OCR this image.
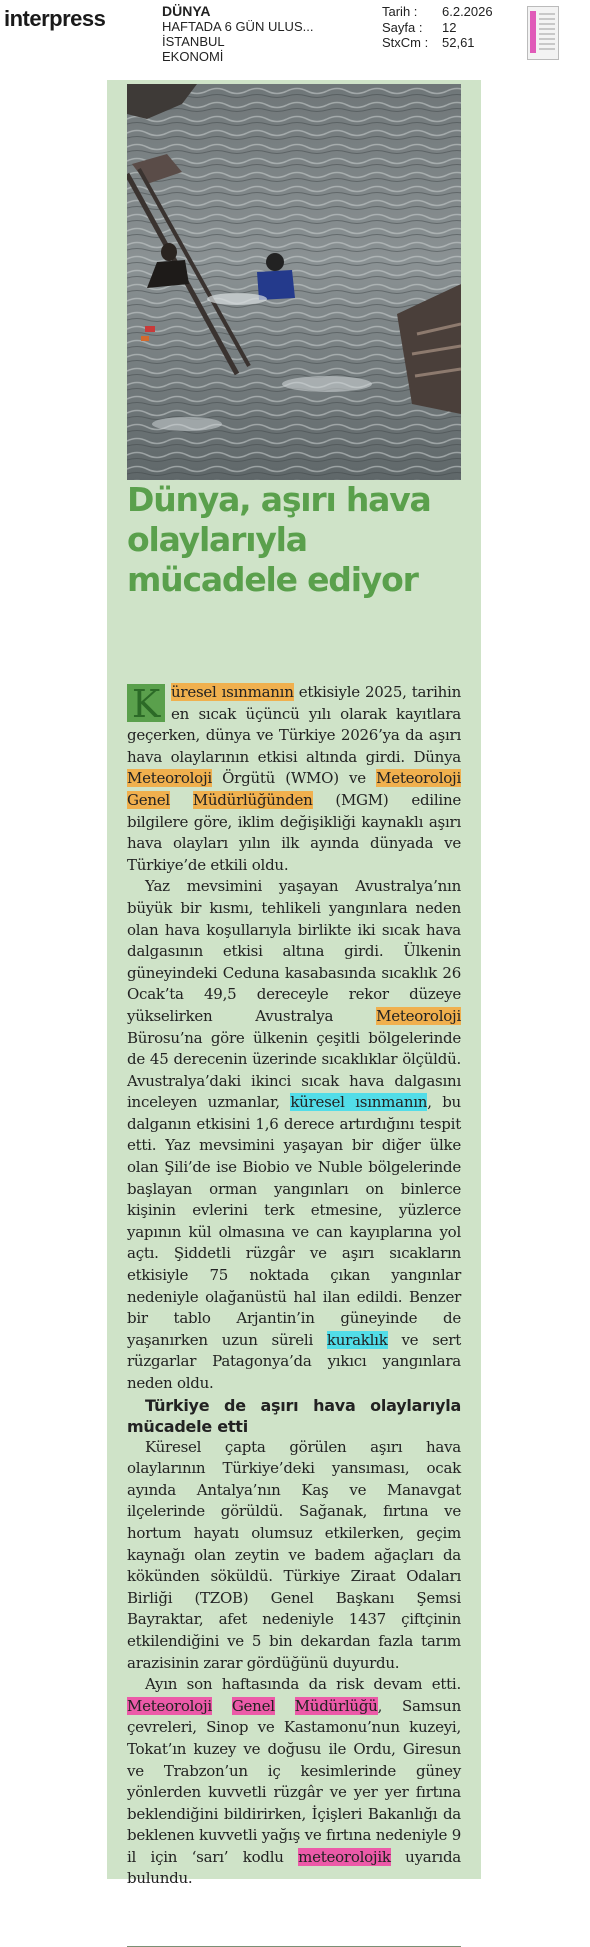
interpress	DÜNYA
HAFTADA 6 GÜN ULUS...
İSTANBUL
EKONOMİ
Tarih : 6.2.2026
Sayfa : 12
StxCm : 52,61
Dünya, aşırı hava olaylarıyla mücadele ediyor

K üresel ısınmanın etkisiyle 2025, tarihin en sıcak üçüncü yılı olarak kayıtlara geçerken, dünya ve Türkiye 2026’ya da aşırı hava olaylarının etkisi altında girdi. Dünya Meteoroloji Örgütü (WMO) ve Meteoroloji Genel Müdürlüğünden (MGM) ediline bilgilere göre, iklim değişikliği kaynaklı aşırı hava olayları yılın ilk ayında dünyada ve Türkiye’de etkili oldu.

Yaz mevsimini yaşayan Avustralya’nın büyük bir kısmı, tehlikeli yangınlara neden olan hava koşullarıyla birlikte iki sıcak hava dalgasının etkisi altına girdi. Ülkenin güneyindeki Ceduna kasabasında sıcaklık 26 Ocak’ta 49,5 dereceyle rekor düzeye yükselirken Avustralya Meteoroloji Bürosu’na göre ülkenin çeşitli bölgelerinde de 45 derecenin üzerinde sıcaklıklar ölçüldü. Avustralya’daki ikinci sıcak hava dalgasını inceleyen uzmanlar, küresel ısınmanın, bu dalganın etkisini 1,6 derece artırdığını tespit etti. Yaz mevsimini yaşayan bir diğer ülke olan Şili’de ise Biobio ve Nuble bölgelerinde başlayan orman yangınları on binlerce kişinin evlerini terk etmesine, yüzlerce yapının kül olmasına ve can kayıplarına yol açtı. Şiddetli rüzgâr ve aşırı sıcakların etkisiyle 75 noktada çıkan yangınlar nedeniyle olağanüstü hal ilan edildi. Benzer bir tablo Arjantin’in güneyinde de yaşanırken uzun süreli kuraklık ve sert rüzgarlar Patagonya’da yıkıcı yangınlara neden oldu.

Türkiye de aşırı hava olaylarıyla mücadele etti

Küresel çapta görülen aşırı hava olaylarının Türkiye’deki yansıması, ocak ayında Antalya’nın Kaş ve Manavgat ilçelerinde görüldü. Sağanak, fırtına ve hortum hayatı olumsuz etkilerken, geçim kaynağı olan zeytin ve badem ağaçları da kökünden söküldü. Türkiye Ziraat Odaları Birliği (TZOB) Genel Başkanı Şemsi Bayraktar, afet nedeniyle 1437 çiftçinin etkilendiğini ve 5 bin dekardan fazla tarım arazisinin zarar gördüğünü duyurdu.

Ayın son haftasında da risk devam etti. Meteoroloji Genel Müdürlüğü, Samsun çevreleri, Sinop ve Kastamonu’nun kuzeyi, Tokat’ın kuzey ve doğusu ile Ordu, Giresun ve Trabzon’un iç kesimlerinde güney yönlerden kuvvetli rüzgâr ve yer yer fırtına beklendiğini bildirirken, İçişleri Bakanlığı da beklenen kuvvetli yağış ve fırtına nedeniyle 9 il için ‘sarı’ kodlu meteorolojik uyarıda bulundu.
